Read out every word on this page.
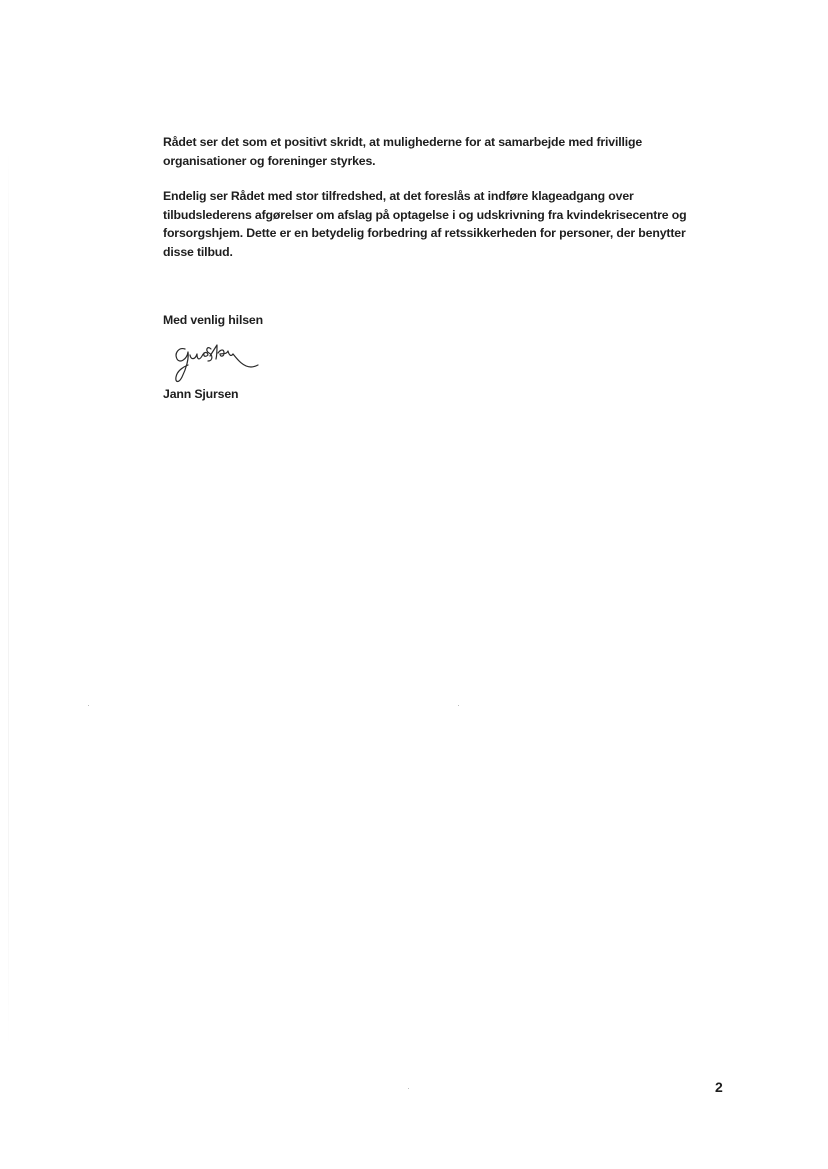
Rådet ser det som et positivt skridt, at mulighederne for at samarbejde med frivillige
organisationer og foreninger styrkes.

Endelig ser Rådet med stor tilfredshed, at det foreslås at indføre klageadgang over
tilbudslederens afgørelser om afslag på optagelse i og udskrivning fra kvindekrisecentre og
forsorgshjem. Dette er en betydelig forbedring af retssikkerheden for personer, der benytter
disse tilbud.

Med venlig hilsen
Jann Sjursen
2
